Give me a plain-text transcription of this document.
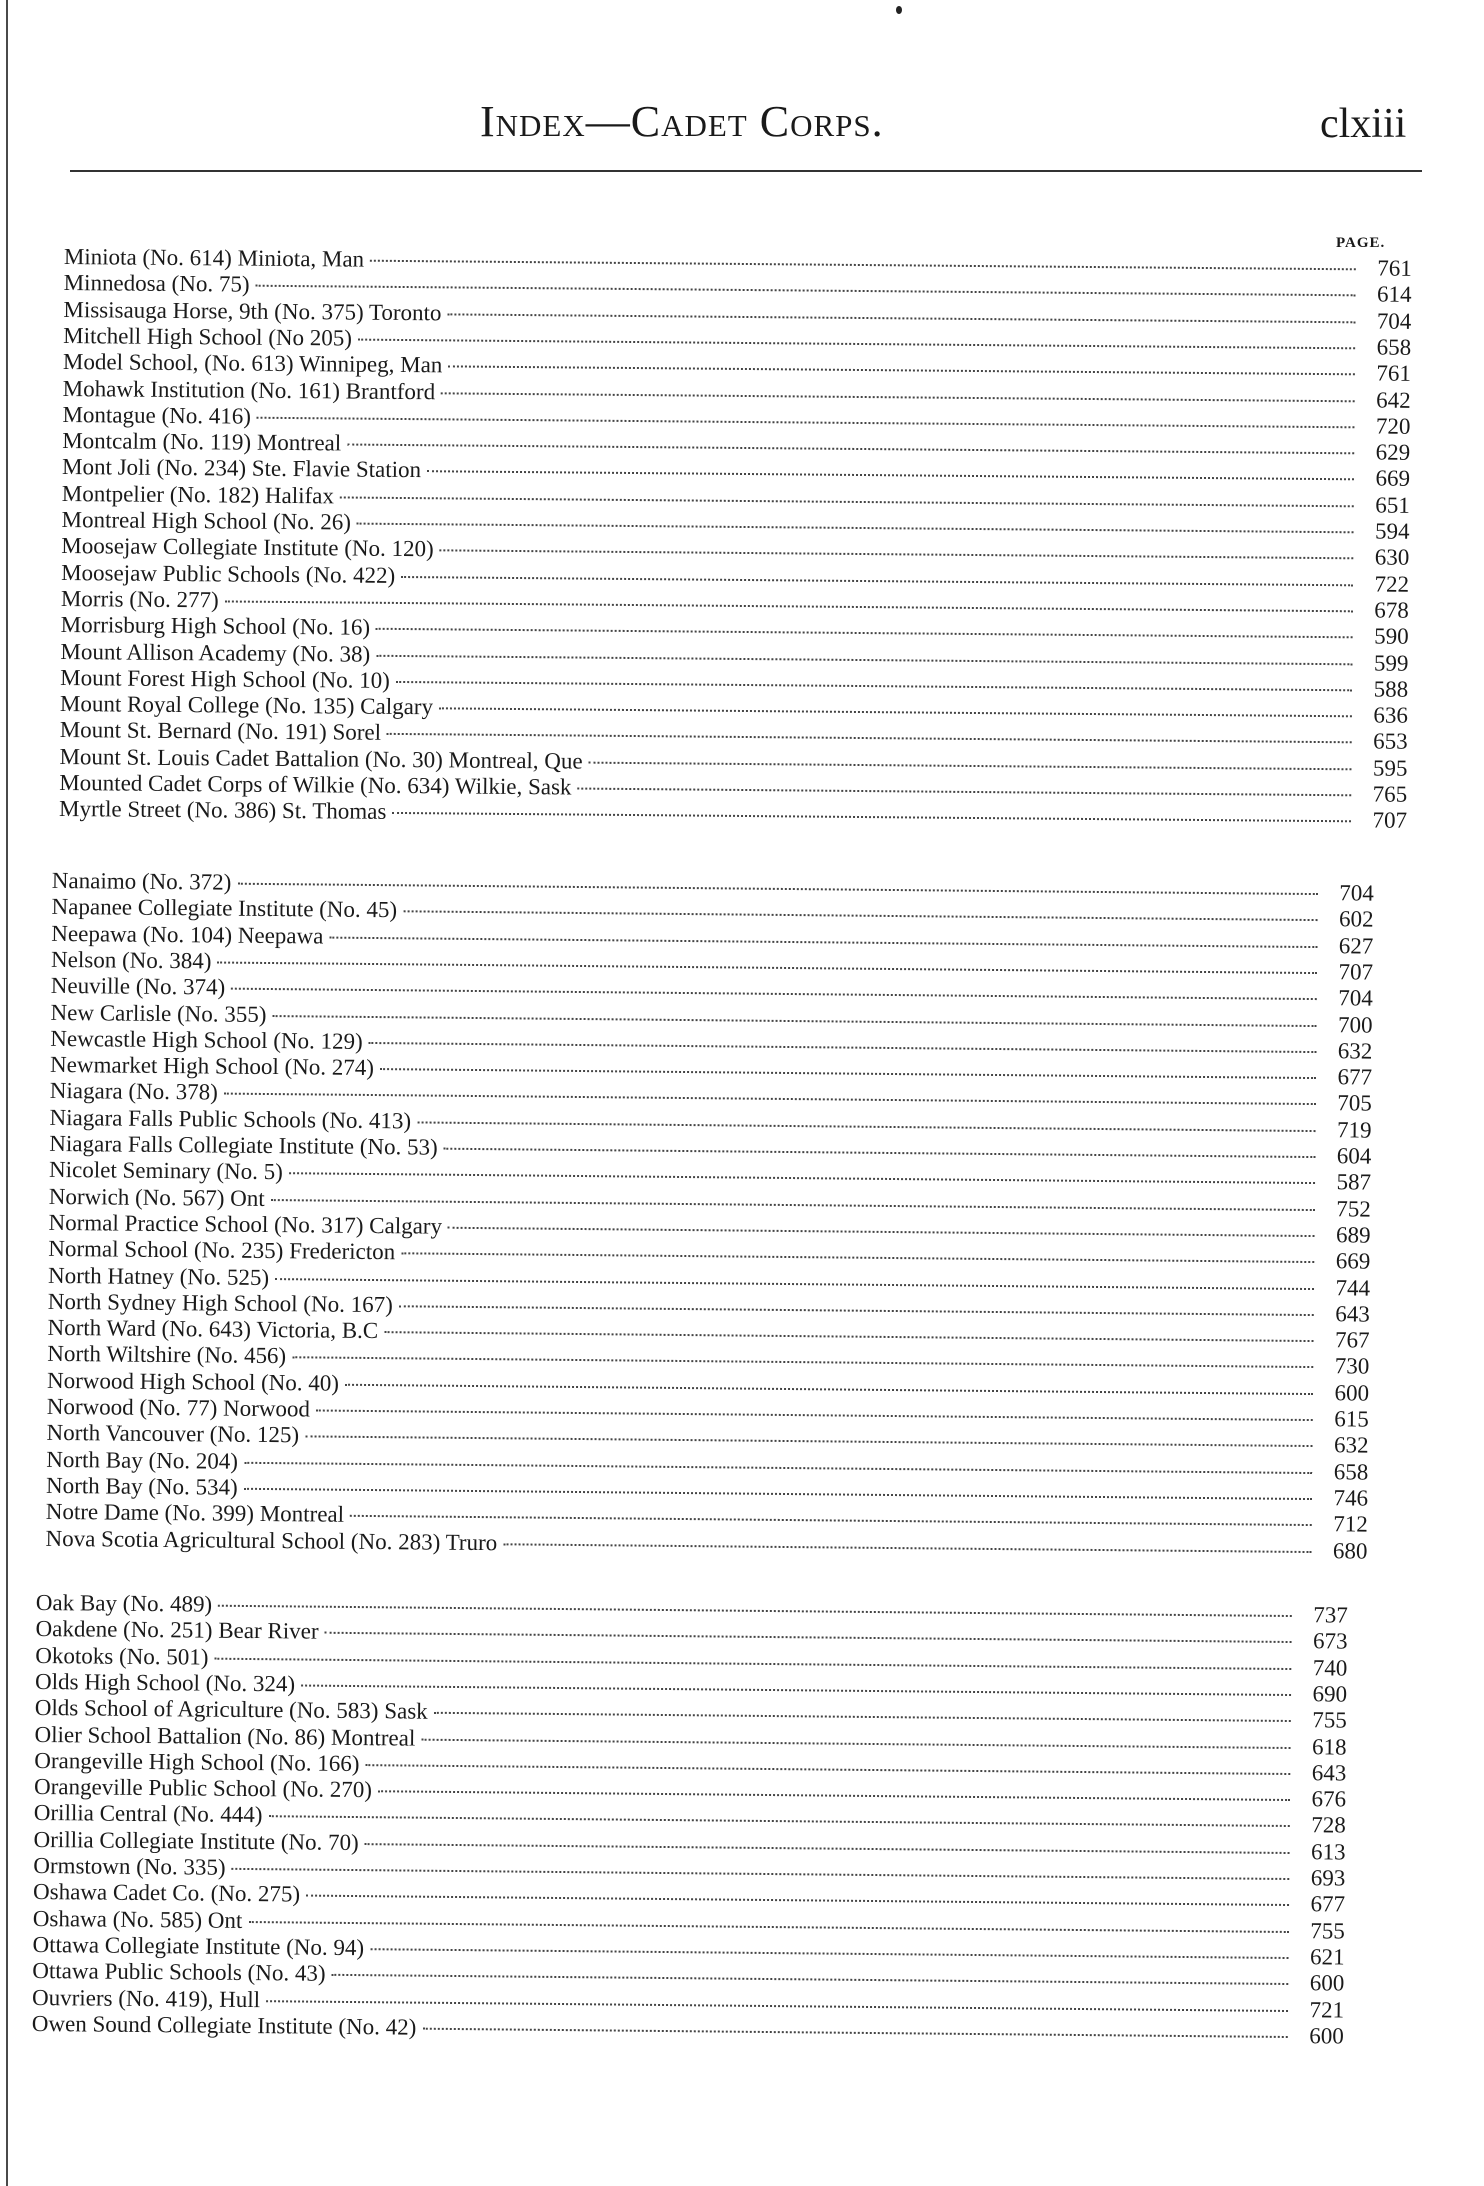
Index—Cadet Corps.	clxiii
PAGE.
Miniota (No. 614) Miniota, Man	761
Minnedosa (No. 75)	614
Missisauga Horse, 9th (No. 375) Toronto	704
Mitchell High School (No 205)	658
Model School, (No. 613) Winnipeg, Man	761
Mohawk Institution (No. 161) Brantford	642
Montague (No. 416)	720
Montcalm (No. 119) Montreal	629
Mont Joli (No. 234) Ste. Flavie Station	669
Montpelier (No. 182) Halifax	651
Montreal High School (No. 26)	594
Moosejaw Collegiate Institute (No. 120)	630
Moosejaw Public Schools (No. 422)	722
Morris (No. 277)	678
Morrisburg High School (No. 16)	590
Mount Allison Academy (No. 38)	599
Mount Forest High School (No. 10)	588
Mount Royal College (No. 135) Calgary	636
Mount St. Bernard (No. 191) Sorel	653
Mount St. Louis Cadet Battalion (No. 30) Montreal, Que	595
Mounted Cadet Corps of Wilkie (No. 634) Wilkie, Sask	765
Myrtle Street (No. 386) St. Thomas	707
Nanaimo (No. 372)	704
Napanee Collegiate Institute (No. 45)	602
Neepawa (No. 104) Neepawa	627
Nelson (No. 384)	707
Neuville (No. 374)	704
New Carlisle (No. 355)	700
Newcastle High School (No. 129)	632
Newmarket High School (No. 274)	677
Niagara (No. 378)	705
Niagara Falls Public Schools (No. 413)	719
Niagara Falls Collegiate Institute (No. 53)	604
Nicolet Seminary (No. 5)	587
Norwich (No. 567) Ont	752
Normal Practice School (No. 317) Calgary	689
Normal School (No. 235) Fredericton	669
North Hatney (No. 525)	744
North Sydney High School (No. 167)	643
North Ward (No. 643) Victoria, B.C	767
North Wiltshire (No. 456)	730
Norwood High School (No. 40)	600
Norwood (No. 77) Norwood	615
North Vancouver (No. 125)	632
North Bay (No. 204)	658
North Bay (No. 534)	746
Notre Dame (No. 399) Montreal	712
Nova Scotia Agricultural School (No. 283) Truro	680
Oak Bay (No. 489)	737
Oakdene (No. 251) Bear River	673
Okotoks (No. 501)	740
Olds High School (No. 324)	690
Olds School of Agriculture (No. 583) Sask	755
Olier School Battalion (No. 86) Montreal	618
Orangeville High School (No. 166)	643
Orangeville Public School (No. 270)	676
Orillia Central (No. 444)	728
Orillia Collegiate Institute (No. 70)	613
Ormstown (No. 335)	693
Oshawa Cadet Co. (No. 275)	677
Oshawa (No. 585) Ont	755
Ottawa Collegiate Institute (No. 94)	621
Ottawa Public Schools (No. 43)	600
Ouvriers (No. 419), Hull	721
Owen Sound Collegiate Institute (No. 42)	600
